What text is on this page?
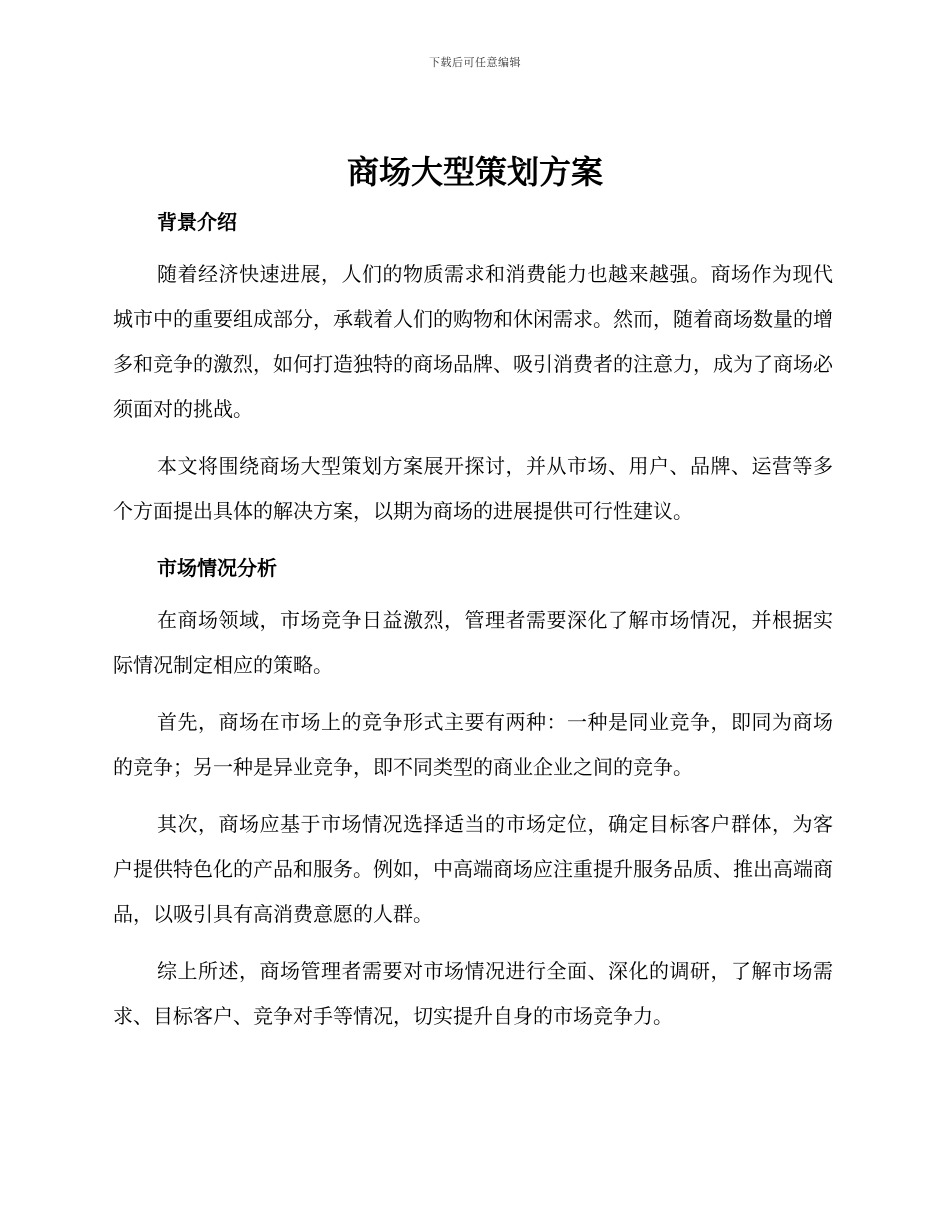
下载后可任意编辑
商场大型策划方案
背景介绍

随着经济快速进展，人们的物质需求和消费能力也越来越强。商场作为现代城市中的重要组成部分，承载着人们的购物和休闲需求。然而，随着商场数量的增多和竞争的激烈，如何打造独特的商场品牌、吸引消费者的注意力，成为了商场必须面对的挑战。

本文将围绕商场大型策划方案展开探讨，并从市场、用户、品牌、运营等多个方面提出具体的解决方案，以期为商场的进展提供可行性建议。

市场情况分析

在商场领域，市场竞争日益激烈，管理者需要深化了解市场情况，并根据实际情况制定相应的策略。

首先，商场在市场上的竞争形式主要有两种：一种是同业竞争，即同为商场的竞争；另一种是异业竞争，即不同类型的商业企业之间的竞争。

其次，商场应基于市场情况选择适当的市场定位，确定目标客户群体，为客户提供特色化的产品和服务。例如，中高端商场应注重提升服务品质、推出高端商品，以吸引具有高消费意愿的人群。

综上所述，商场管理者需要对市场情况进行全面、深化的调研，了解市场需求、目标客户、竞争对手等情况，切实提升自身的市场竞争力。
